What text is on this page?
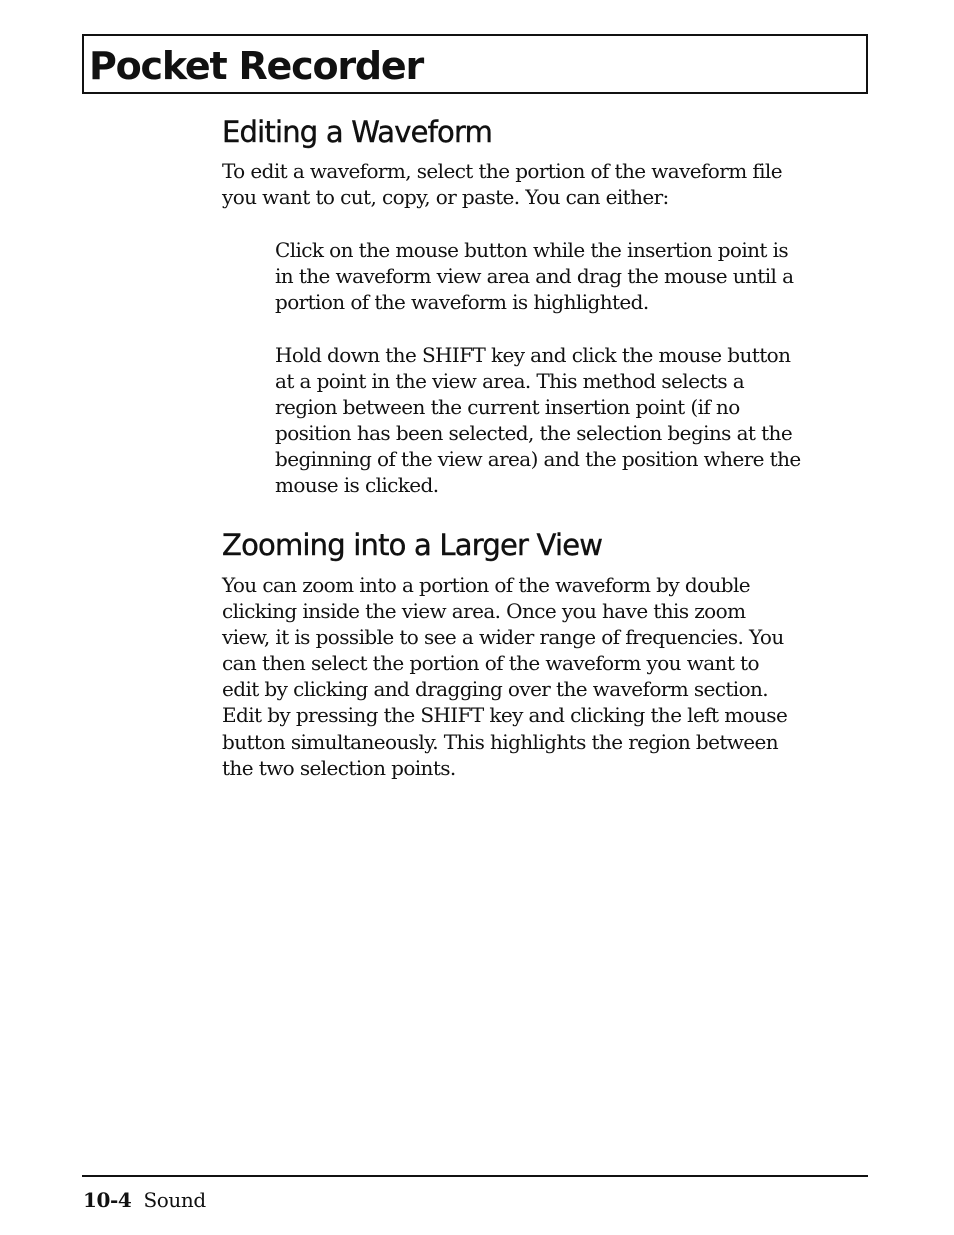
Pocket Recorder
Editing a Waveform

To edit a waveform, select the portion of the waveform file
you want to cut, copy, or paste. You can either:

Click on the mouse button while the insertion point is
in the waveform view area and drag the mouse until a
portion of the waveform is highlighted.

Hold down the SHIFT key and click the mouse button
at a point in the view area. This method selects a
region between the current insertion point (if no
position has been selected, the selection begins at the
beginning of the view area) and the position where the
mouse is clicked.

Zooming into a Larger View

You can zoom into a portion of the waveform by double
clicking inside the view area. Once you have this zoom
view, it is possible to see a wider range of frequencies. You
can then select the portion of the waveform you want to
edit by clicking and dragging over the waveform section.
Edit by pressing the SHIFT key and clicking the left mouse
button simultaneously. This highlights the region between
the two selection points.

10-4 Sound
